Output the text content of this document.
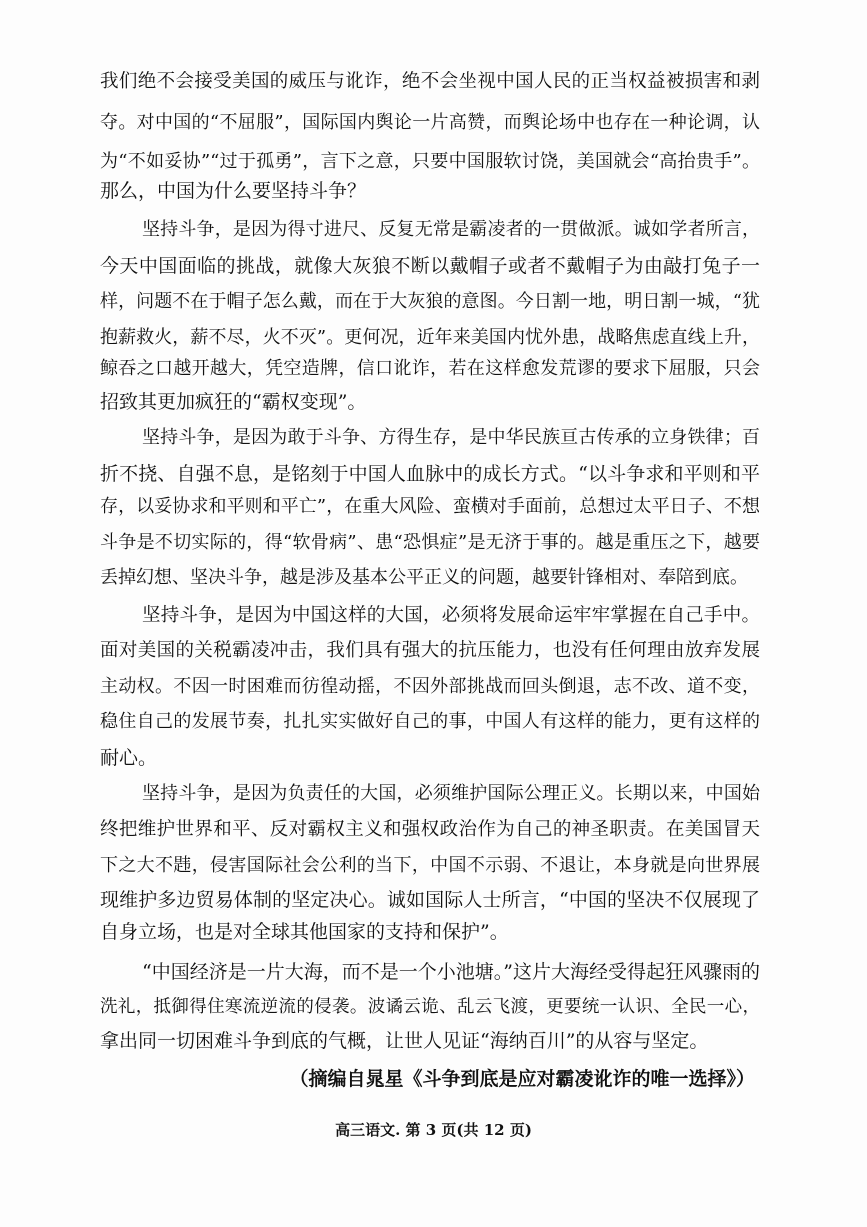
我们绝不会接受美国的威压与讹诈，绝不会坐视中国人民的正当权益被损害和剥
夺。对中国的“不屈服”，国际国内舆论一片高赞，而舆论场中也存在一种论调，认
为“不如妥协”“过于孤勇”，言下之意，只要中国服软讨饶，美国就会“高抬贵手”。
那么，中国为什么要坚持斗争？
坚持斗争，是因为得寸进尺、反复无常是霸凌者的一贯做派。诚如学者所言，
今天中国面临的挑战，就像大灰狼不断以戴帽子或者不戴帽子为由敲打兔子一
样，问题不在于帽子怎么戴，而在于大灰狼的意图。今日割一地，明日割一城，“犹
抱薪救火，薪不尽，火不灭”。更何况，近年来美国内忧外患，战略焦虑直线上升，
鲸吞之口越开越大，凭空造牌，信口讹诈，若在这样愈发荒谬的要求下屈服，只会
招致其更加疯狂的“霸权变现”。
坚持斗争，是因为敢于斗争、方得生存，是中华民族亘古传承的立身铁律；百
折不挠、自强不息，是铭刻于中国人血脉中的成长方式。“以斗争求和平则和平
存，以妥协求和平则和平亡”，在重大风险、蛮横对手面前，总想过太平日子、不想
斗争是不切实际的，得“软骨病”、患“恐惧症”是无济于事的。越是重压之下，越要
丢掉幻想、坚决斗争，越是涉及基本公平正义的问题，越要针锋相对、奉陪到底。
坚持斗争，是因为中国这样的大国，必须将发展命运牢牢掌握在自己手中。
面对美国的关税霸凌冲击，我们具有强大的抗压能力，也没有任何理由放弃发展
主动权。不因一时困难而彷徨动摇，不因外部挑战而回头倒退，志不改、道不变，
稳住自己的发展节奏，扎扎实实做好自己的事，中国人有这样的能力，更有这样的
耐心。
坚持斗争，是因为负责任的大国，必须维护国际公理正义。长期以来，中国始
终把维护世界和平、反对霸权主义和强权政治作为自己的神圣职责。在美国冒天
下之大不韪，侵害国际社会公利的当下，中国不示弱、不退让，本身就是向世界展
现维护多边贸易体制的坚定决心。诚如国际人士所言，“中国的坚决不仅展现了
自身立场，也是对全球其他国家的支持和保护”。
“中国经济是一片大海，而不是一个小池塘。”这片大海经受得起狂风骤雨的
洗礼，抵御得住寒流逆流的侵袭。波谲云诡、乱云飞渡，更要统一认识、全民一心，
拿出同一切困难斗争到底的气概，让世人见证“海纳百川”的从容与坚定。
（摘编自晁星《斗争到底是应对霸凌讹诈的唯一选择》）
高三语文. 第 3 页(共 12 页)
